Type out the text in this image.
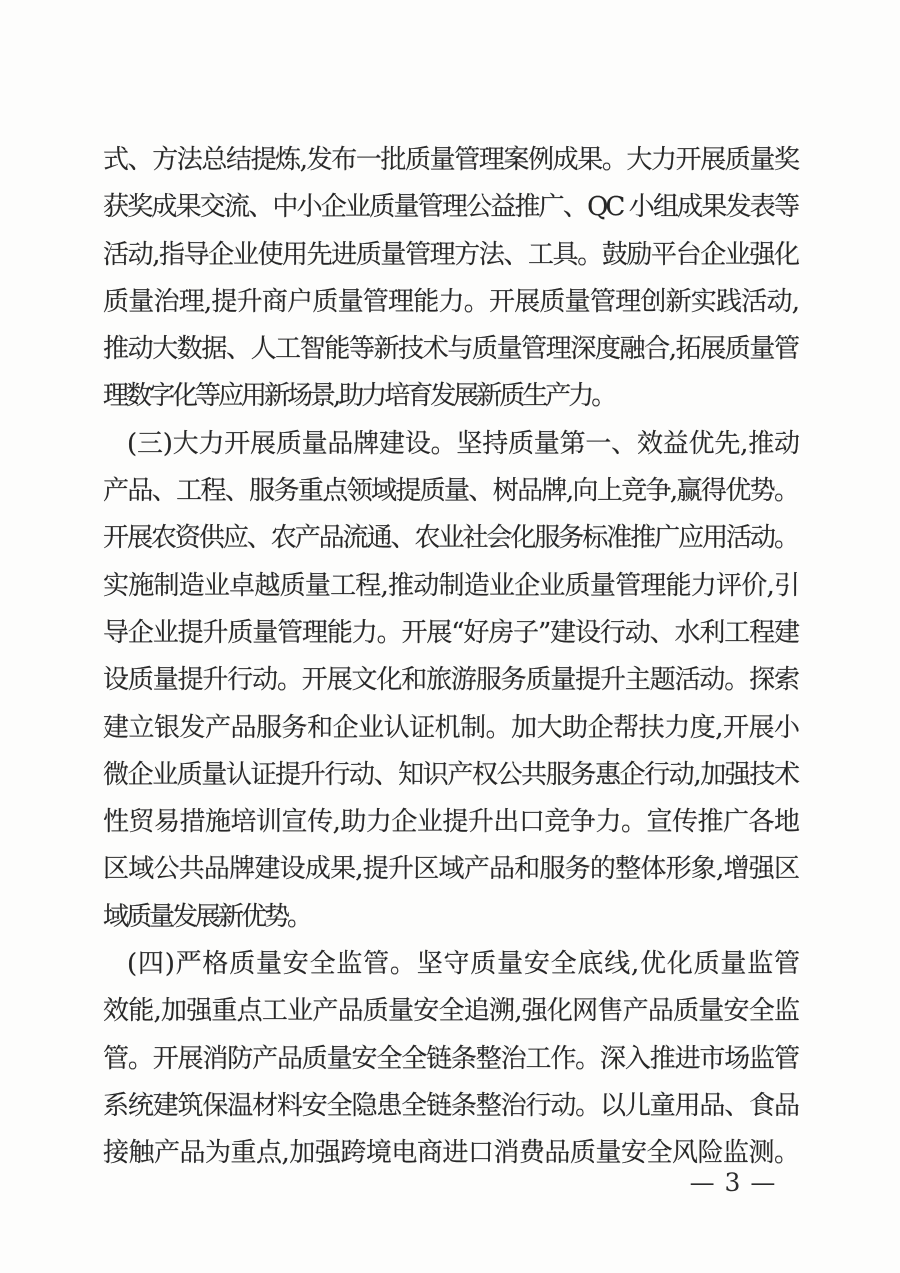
式、方法总结提炼,发布一批质量管理案例成果。大力开展质量奖
获奖成果交流、中小企业质量管理公益推广、QC 小组成果发表等
活动,指导企业使用先进质量管理方法、工具。鼓励平台企业强化
质量治理,提升商户质量管理能力。开展质量管理创新实践活动,
推动大数据、人工智能等新技术与质量管理深度融合,拓展质量管
理数字化等应用新场景,助力培育发展新质生产力。
(三)大力开展质量品牌建设。坚持质量第一、效益优先,推动
产品、工程、服务重点领域提质量、树品牌,向上竞争,赢得优势。
开展农资供应、农产品流通、农业社会化服务标准推广应用活动。
实施制造业卓越质量工程,推动制造业企业质量管理能力评价,引
导企业提升质量管理能力。开展“好房子”建设行动、水利工程建
设质量提升行动。开展文化和旅游服务质量提升主题活动。探索
建立银发产品服务和企业认证机制。加大助企帮扶力度,开展小
微企业质量认证提升行动、知识产权公共服务惠企行动,加强技术
性贸易措施培训宣传,助力企业提升出口竞争力。宣传推广各地
区域公共品牌建设成果,提升区域产品和服务的整体形象,增强区
域质量发展新优势。
(四)严格质量安全监管。坚守质量安全底线,优化质量监管
效能,加强重点工业产品质量安全追溯,强化网售产品质量安全监
管。开展消防产品质量安全全链条整治工作。深入推进市场监管
系统建筑保温材料安全隐患全链条整治行动。以儿童用品、食品
接触产品为重点,加强跨境电商进口消费品质量安全风险监测。
— 3 —
